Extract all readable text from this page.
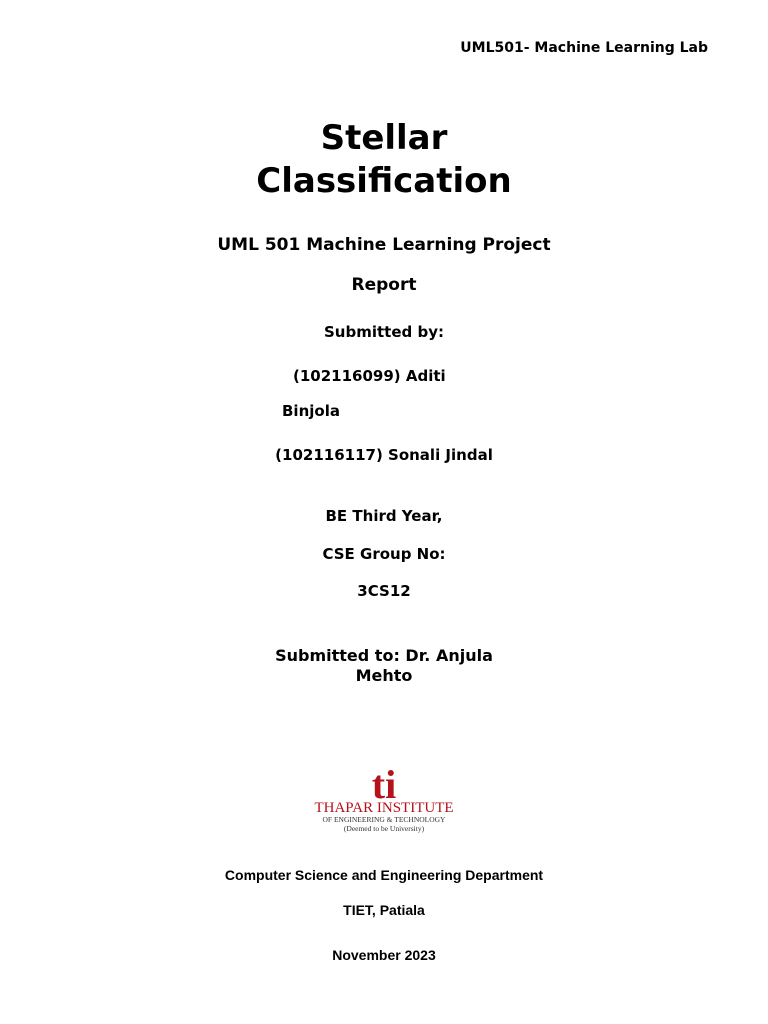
UML501- Machine Learning Lab
Stellar
Classification
UML 501 Machine Learning Project
Report
Submitted by:
(102116099) Aditi
Binjola
(102116117) Sonali Jindal
BE Third Year,
CSE Group No:
3CS12
Submitted to: Dr. Anjula
Mehto
ti
THAPAR INSTITUTE
OF ENGINEERING & TECHNOLOGY
(Deemed to be University)
Computer Science and Engineering Department
TIET, Patiala
November 2023
